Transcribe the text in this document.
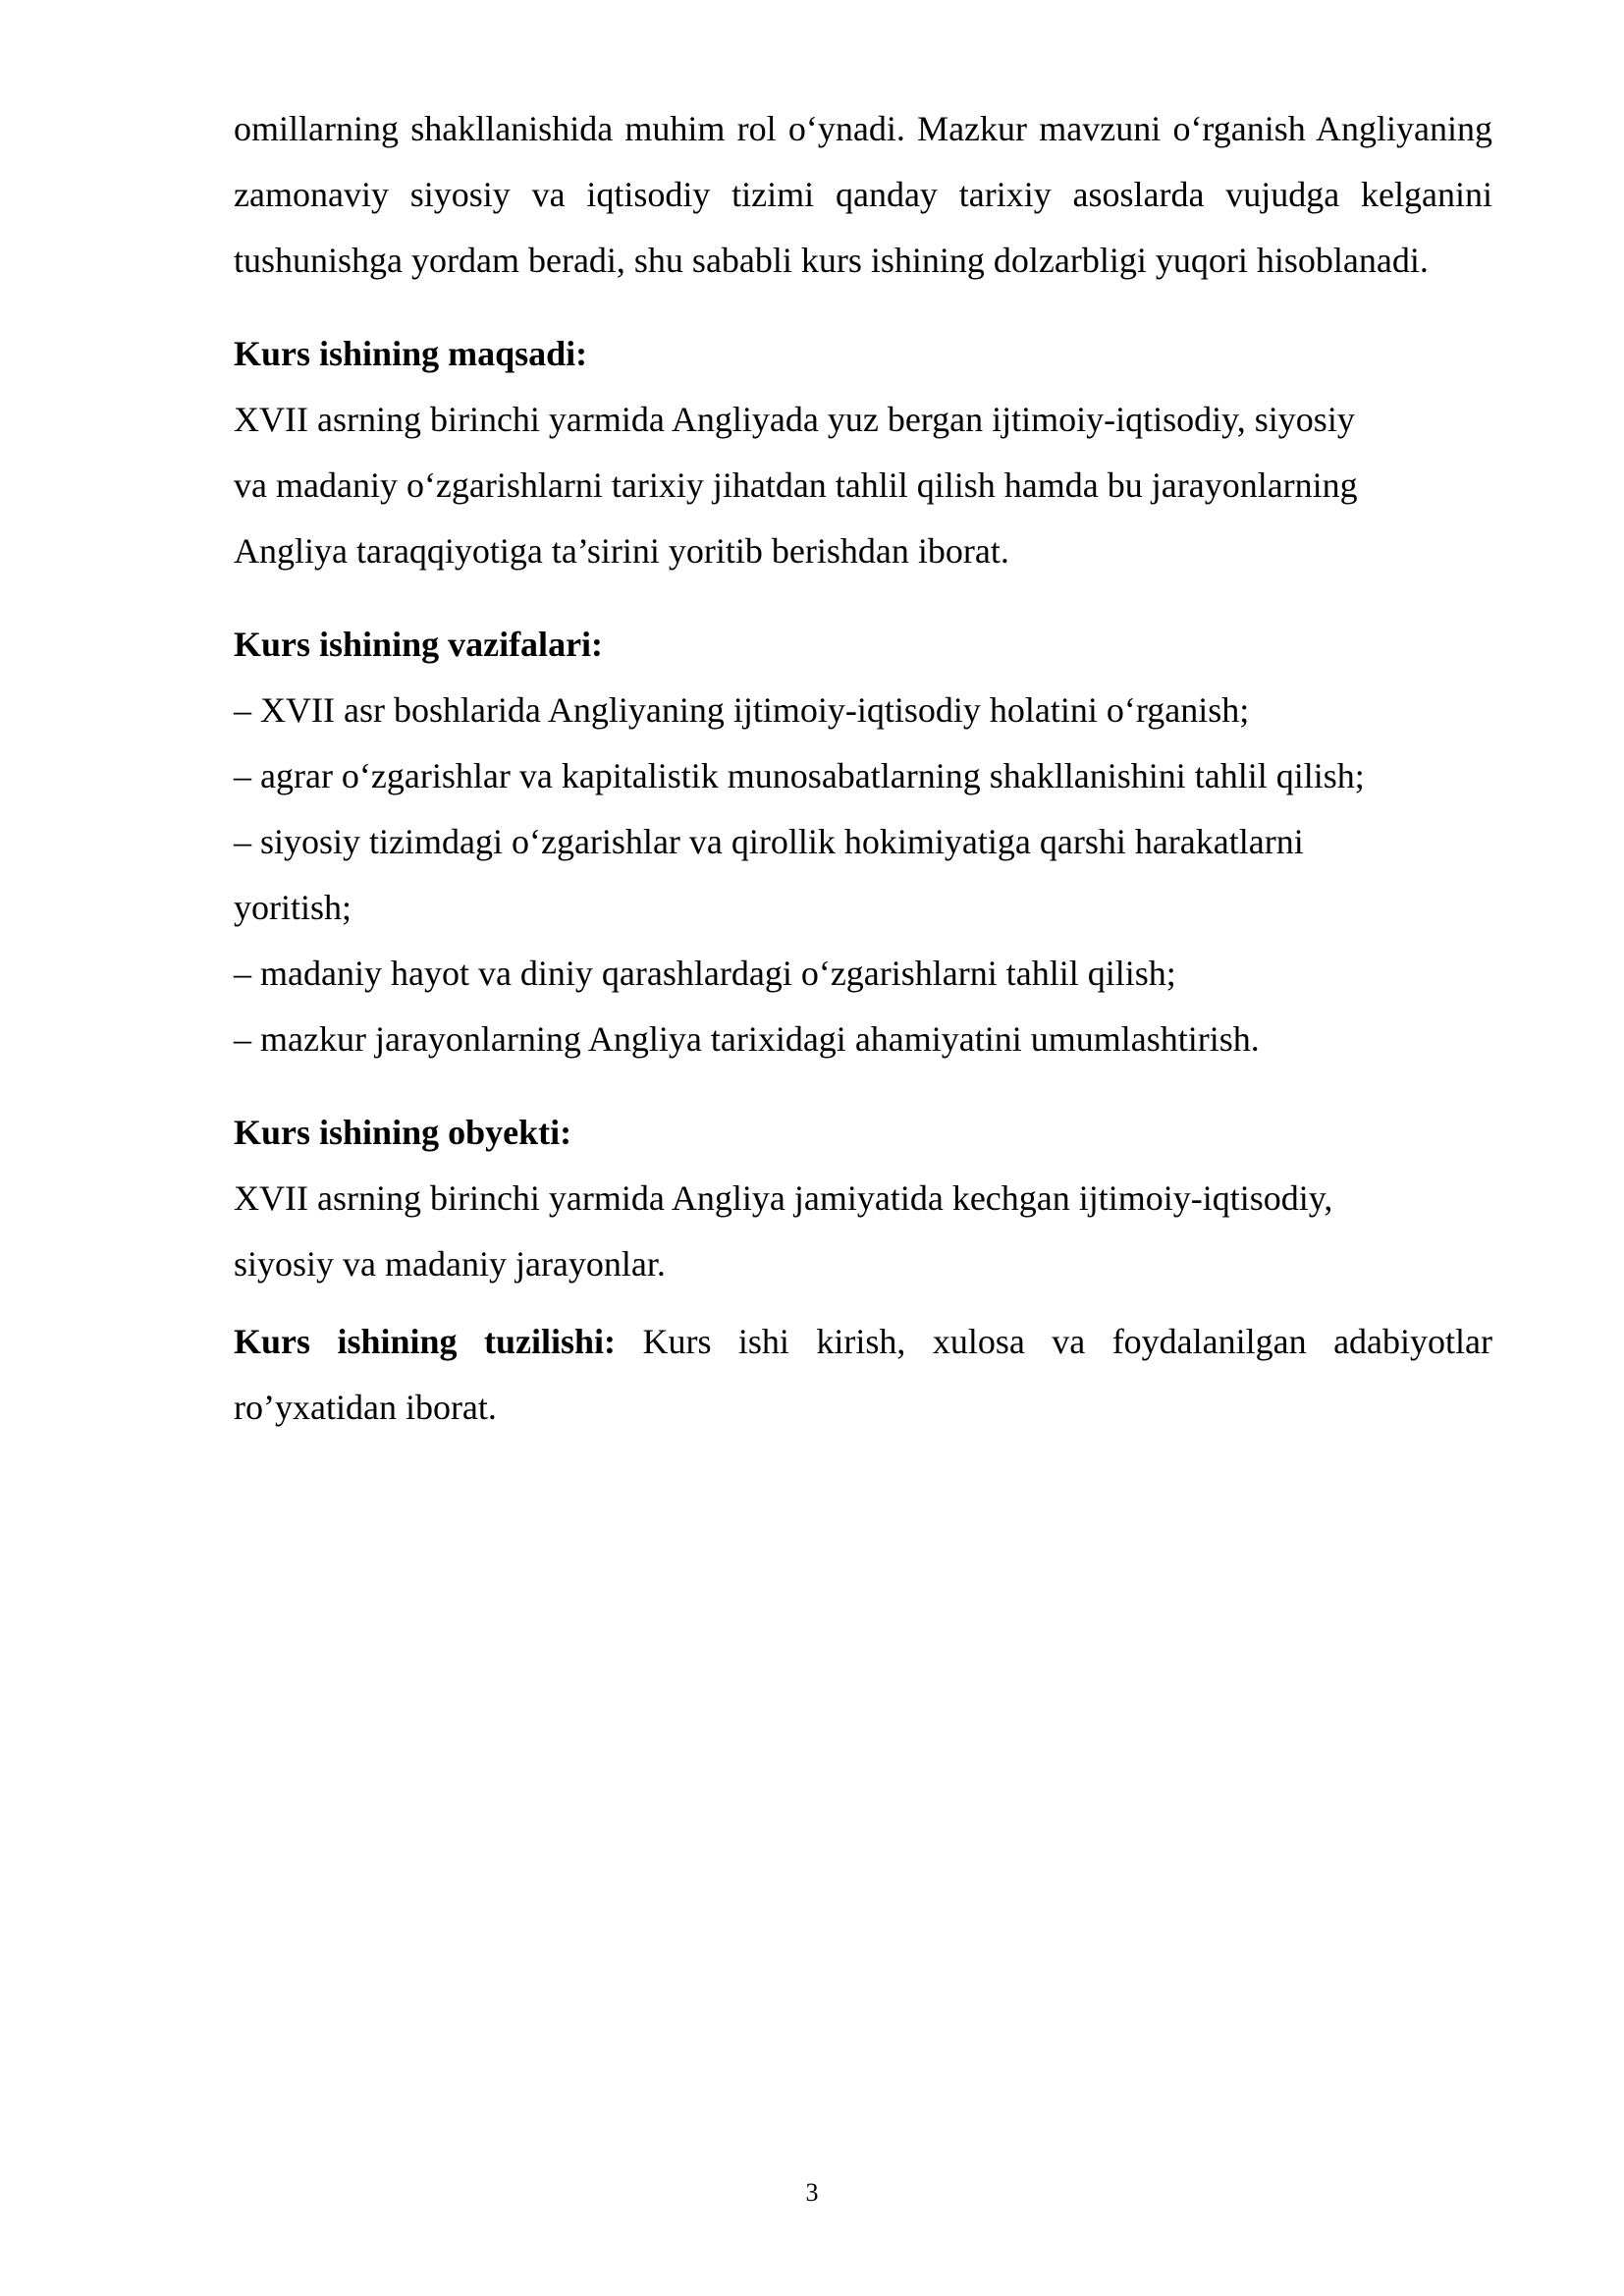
omillarning shakllanishida muhim rol o‘ynadi. Mazkur mavzuni o‘rganish Angliyaning zamonaviy siyosiy va iqtisodiy tizimi qanday tarixiy asoslarda vujudga kelganini tushunishga yordam beradi, shu sababli kurs ishining dolzarbligi yuqori hisoblanadi.

Kurs ishining maqsadi:

XVII asrning birinchi yarmida Angliyada yuz bergan ijtimoiy-iqtisodiy, siyosiy

va madaniy o‘zgarishlarni tarixiy jihatdan tahlil qilish hamda bu jarayonlarning

Angliya taraqqiyotiga ta’sirini yoritib berishdan iborat.

Kurs ishining vazifalari:

– XVII asr boshlarida Angliyaning ijtimoiy-iqtisodiy holatini o‘rganish;

– agrar o‘zgarishlar va kapitalistik munosabatlarning shakllanishini tahlil qilish;

– siyosiy tizimdagi o‘zgarishlar va qirollik hokimiyatiga qarshi harakatlarni

yoritish;

– madaniy hayot va diniy qarashlardagi o‘zgarishlarni tahlil qilish;

– mazkur jarayonlarning Angliya tarixidagi ahamiyatini umumlashtirish.

Kurs ishining obyekti:

XVII asrning birinchi yarmida Angliya jamiyatida kechgan ijtimoiy-iqtisodiy,

siyosiy va madaniy jarayonlar.

Kurs ishining tuzilishi: Kurs ishi kirish, xulosa va foydalanilgan adabiyotlar ro’yxatidan iborat.

3
